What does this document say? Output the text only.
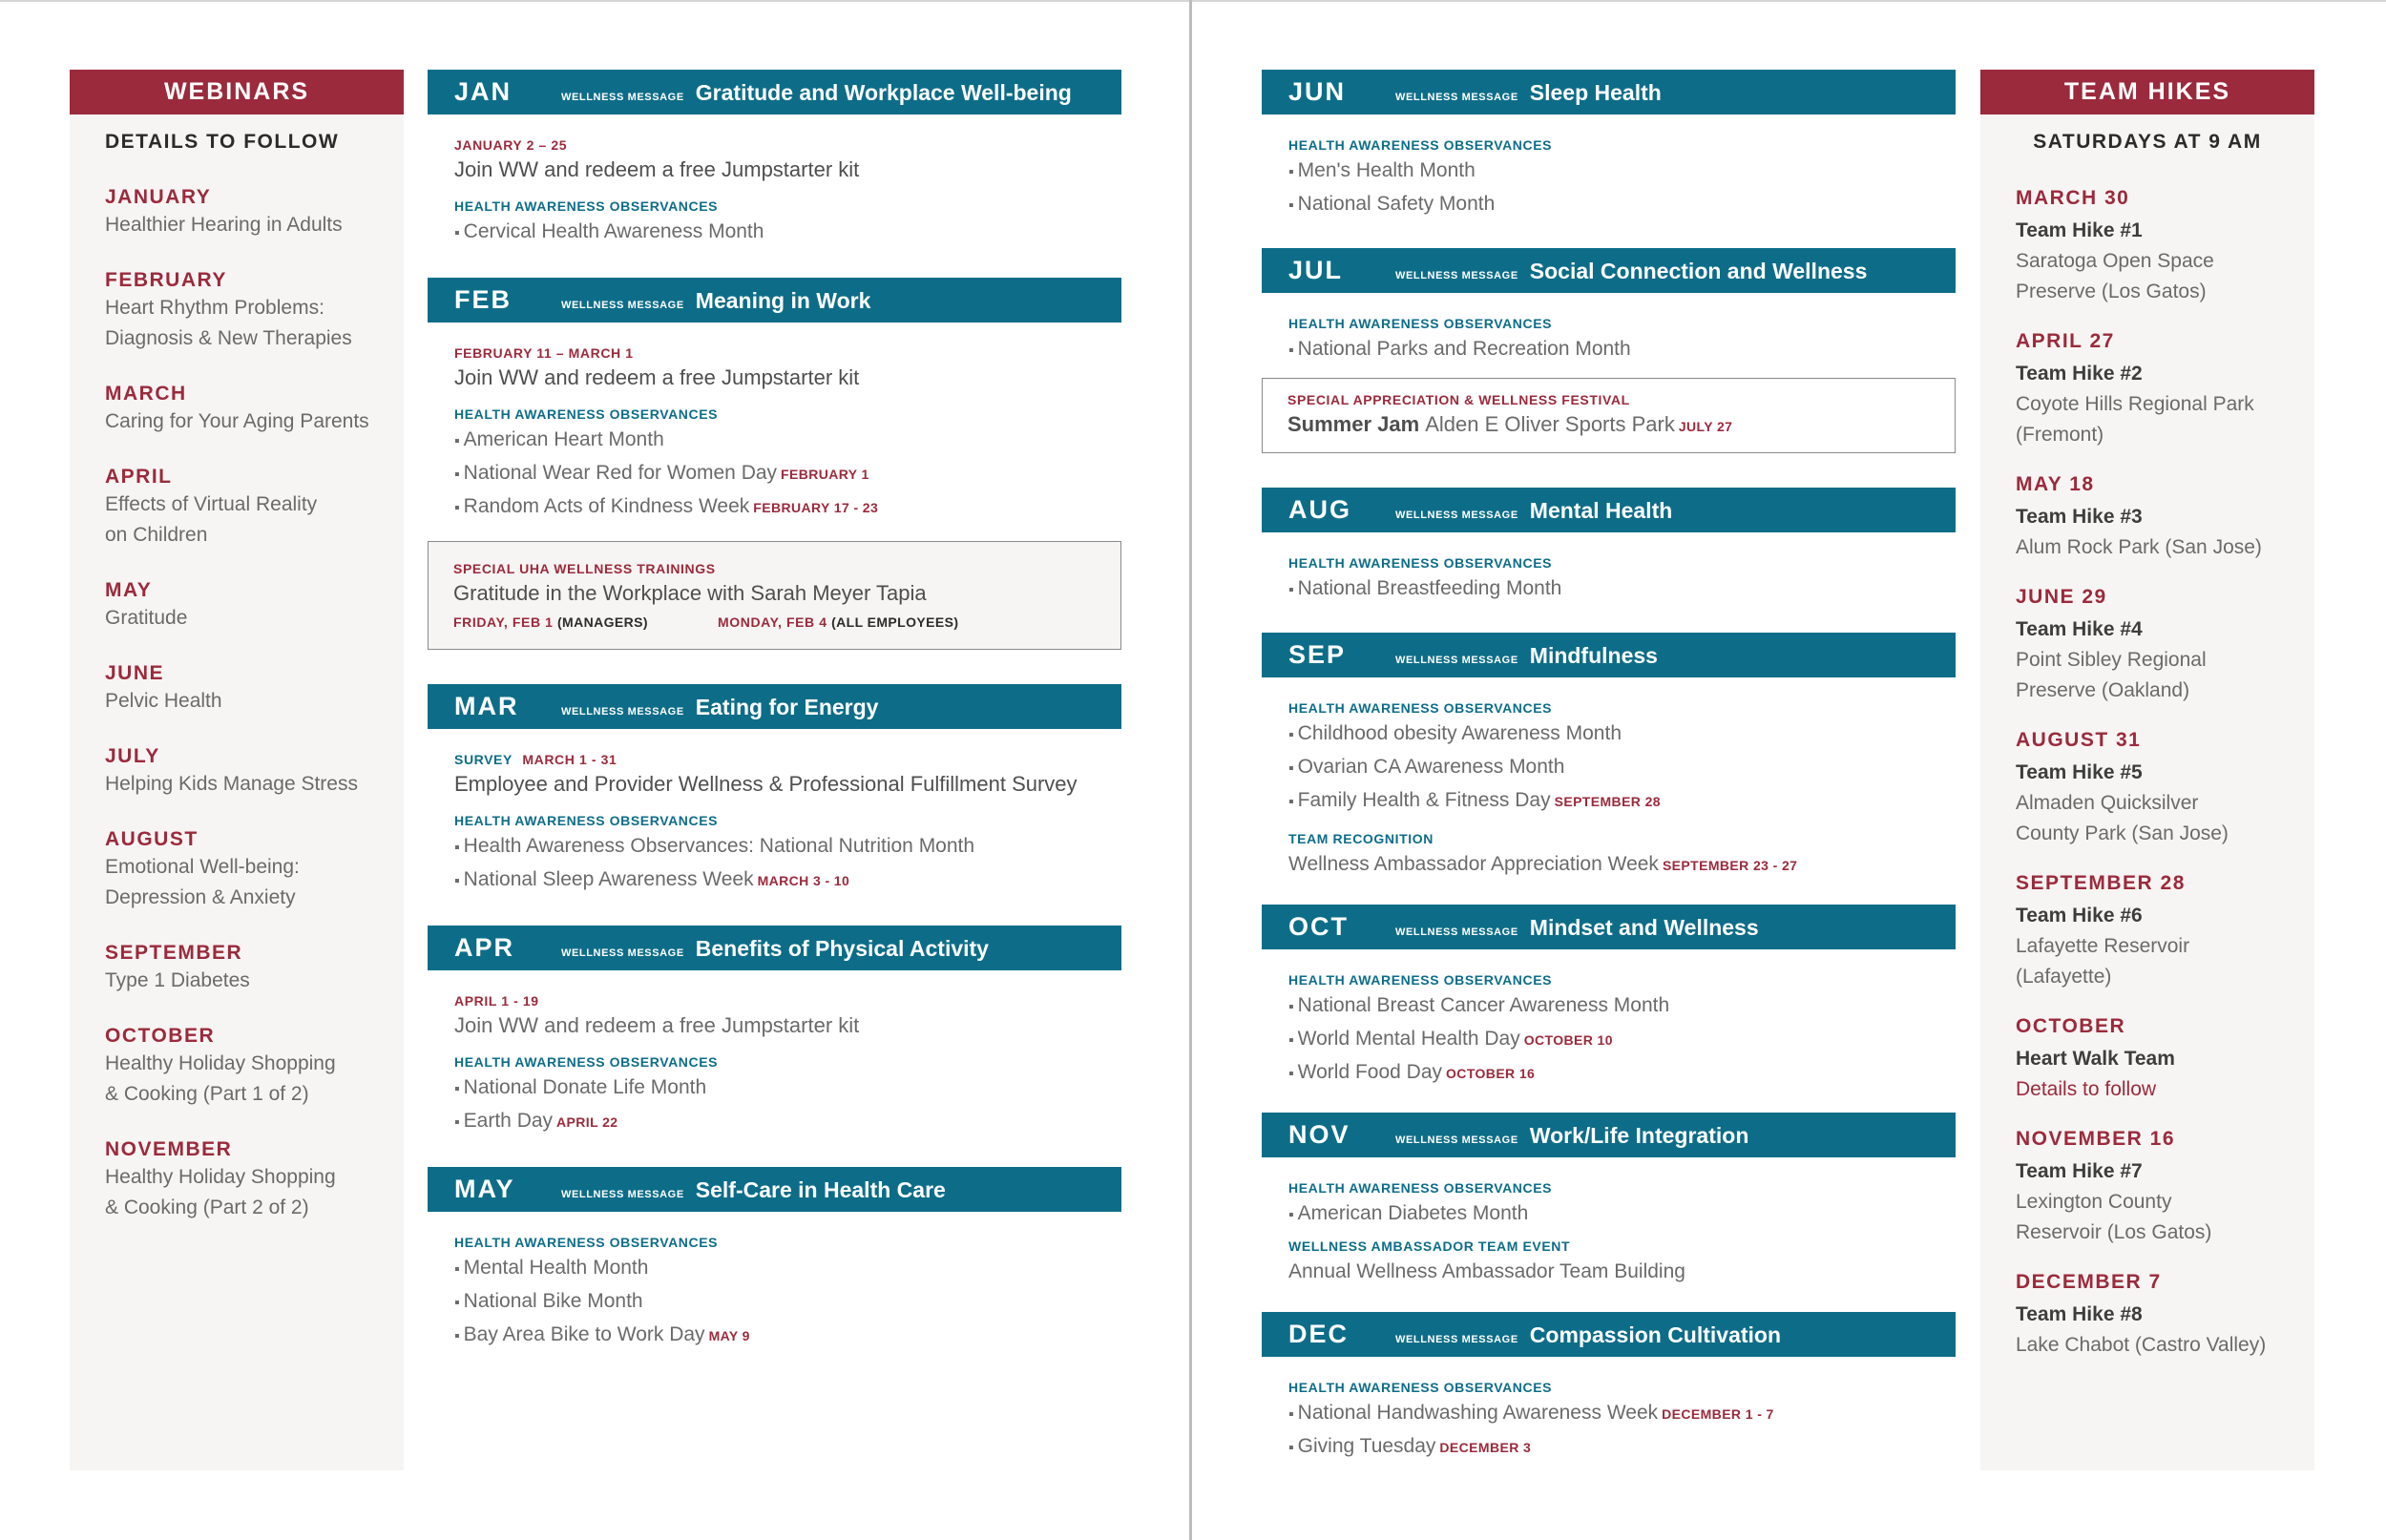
WEBINARS
DETAILS TO FOLLOW
JANUARY
Healthier Hearing in Adults
FEBRUARY
Heart Rhythm Problems:
Diagnosis & New Therapies
MARCH
Caring for Your Aging Parents
APRIL
Effects of Virtual Reality
on Children
MAY
Gratitude
JUNE
Pelvic Health
JULY
Helping Kids Manage Stress
AUGUST
Emotional Well-being:
Depression & Anxiety
SEPTEMBER
Type 1 Diabetes
OCTOBER
Healthy Holiday Shopping
& Cooking (Part 1 of 2)
NOVEMBER
Healthy Holiday Shopping
& Cooking (Part 2 of 2)
JAN	WELLNESS MESSAGE Gratitude and Workplace Well-being
JANUARY 2 – 25
Join WW and redeem a free Jumpstarter kit
HEALTH AWARENESS OBSERVANCES
▪ Cervical Health Awareness Month
FEB	WELLNESS MESSAGE Meaning in Work
FEBRUARY 11 – MARCH 1
Join WW and redeem a free Jumpstarter kit
HEALTH AWARENESS OBSERVANCES
▪ American Heart Month
▪ National Wear Red for Women Day FEBRUARY 1
▪ Random Acts of Kindness Week FEBRUARY 17 - 23
SPECIAL UHA WELLNESS TRAININGS
Gratitude in the Workplace with Sarah Meyer Tapia
FRIDAY, FEB 1 (MANAGERS)	MONDAY, FEB 4 (ALL EMPLOYEES)
MAR	WELLNESS MESSAGE Eating for Energy
SURVEY MARCH 1 - 31
Employee and Provider Wellness & Professional Fulfillment Survey
HEALTH AWARENESS OBSERVANCES
▪ Health Awareness Observances: National Nutrition Month
▪ National Sleep Awareness Week MARCH 3 - 10
APR	WELLNESS MESSAGE Benefits of Physical Activity
APRIL 1 - 19
Join WW and redeem a free Jumpstarter kit
HEALTH AWARENESS OBSERVANCES
▪ National Donate Life Month
▪ Earth Day APRIL 22
MAY	WELLNESS MESSAGE Self-Care in Health Care
HEALTH AWARENESS OBSERVANCES
▪ Mental Health Month
▪ National Bike Month
▪ Bay Area Bike to Work Day MAY 9
JUN	WELLNESS MESSAGE Sleep Health
HEALTH AWARENESS OBSERVANCES
▪ Men's Health Month
▪ National Safety Month
JUL	WELLNESS MESSAGE Social Connection and Wellness
HEALTH AWARENESS OBSERVANCES
▪ National Parks and Recreation Month
SPECIAL APPRECIATION & WELLNESS FESTIVAL
Summer Jam Alden E Oliver Sports Park JULY 27
AUG	WELLNESS MESSAGE Mental Health
HEALTH AWARENESS OBSERVANCES
▪ National Breastfeeding Month
SEP	WELLNESS MESSAGE Mindfulness
HEALTH AWARENESS OBSERVANCES
▪ Childhood obesity Awareness Month
▪ Ovarian CA Awareness Month
▪ Family Health & Fitness Day SEPTEMBER 28
TEAM RECOGNITION
Wellness Ambassador Appreciation Week SEPTEMBER 23 - 27
OCT	WELLNESS MESSAGE Mindset and Wellness
HEALTH AWARENESS OBSERVANCES
▪ National Breast Cancer Awareness Month
▪ World Mental Health Day OCTOBER 10
▪ World Food Day OCTOBER 16
NOV	WELLNESS MESSAGE Work/Life Integration
HEALTH AWARENESS OBSERVANCES
▪ American Diabetes Month
WELLNESS AMBASSADOR TEAM EVENT
Annual Wellness Ambassador Team Building
DEC	WELLNESS MESSAGE Compassion Cultivation
HEALTH AWARENESS OBSERVANCES
▪ National Handwashing Awareness Week DECEMBER 1 - 7
▪ Giving Tuesday DECEMBER 3
TEAM HIKES
SATURDAYS AT 9 AM
MARCH 30
Team Hike #1
Saratoga Open Space
Preserve (Los Gatos)
APRIL 27
Team Hike #2
Coyote Hills Regional Park
(Fremont)
MAY 18
Team Hike #3
Alum Rock Park (San Jose)
JUNE 29
Team Hike #4
Point Sibley Regional
Preserve (Oakland)
AUGUST 31
Team Hike #5
Almaden Quicksilver
County Park (San Jose)
SEPTEMBER 28
Team Hike #6
Lafayette Reservoir
(Lafayette)
OCTOBER
Heart Walk Team
Details to follow
NOVEMBER 16
Team Hike #7
Lexington County
Reservoir (Los Gatos)
DECEMBER 7
Team Hike #8
Lake Chabot (Castro Valley)
